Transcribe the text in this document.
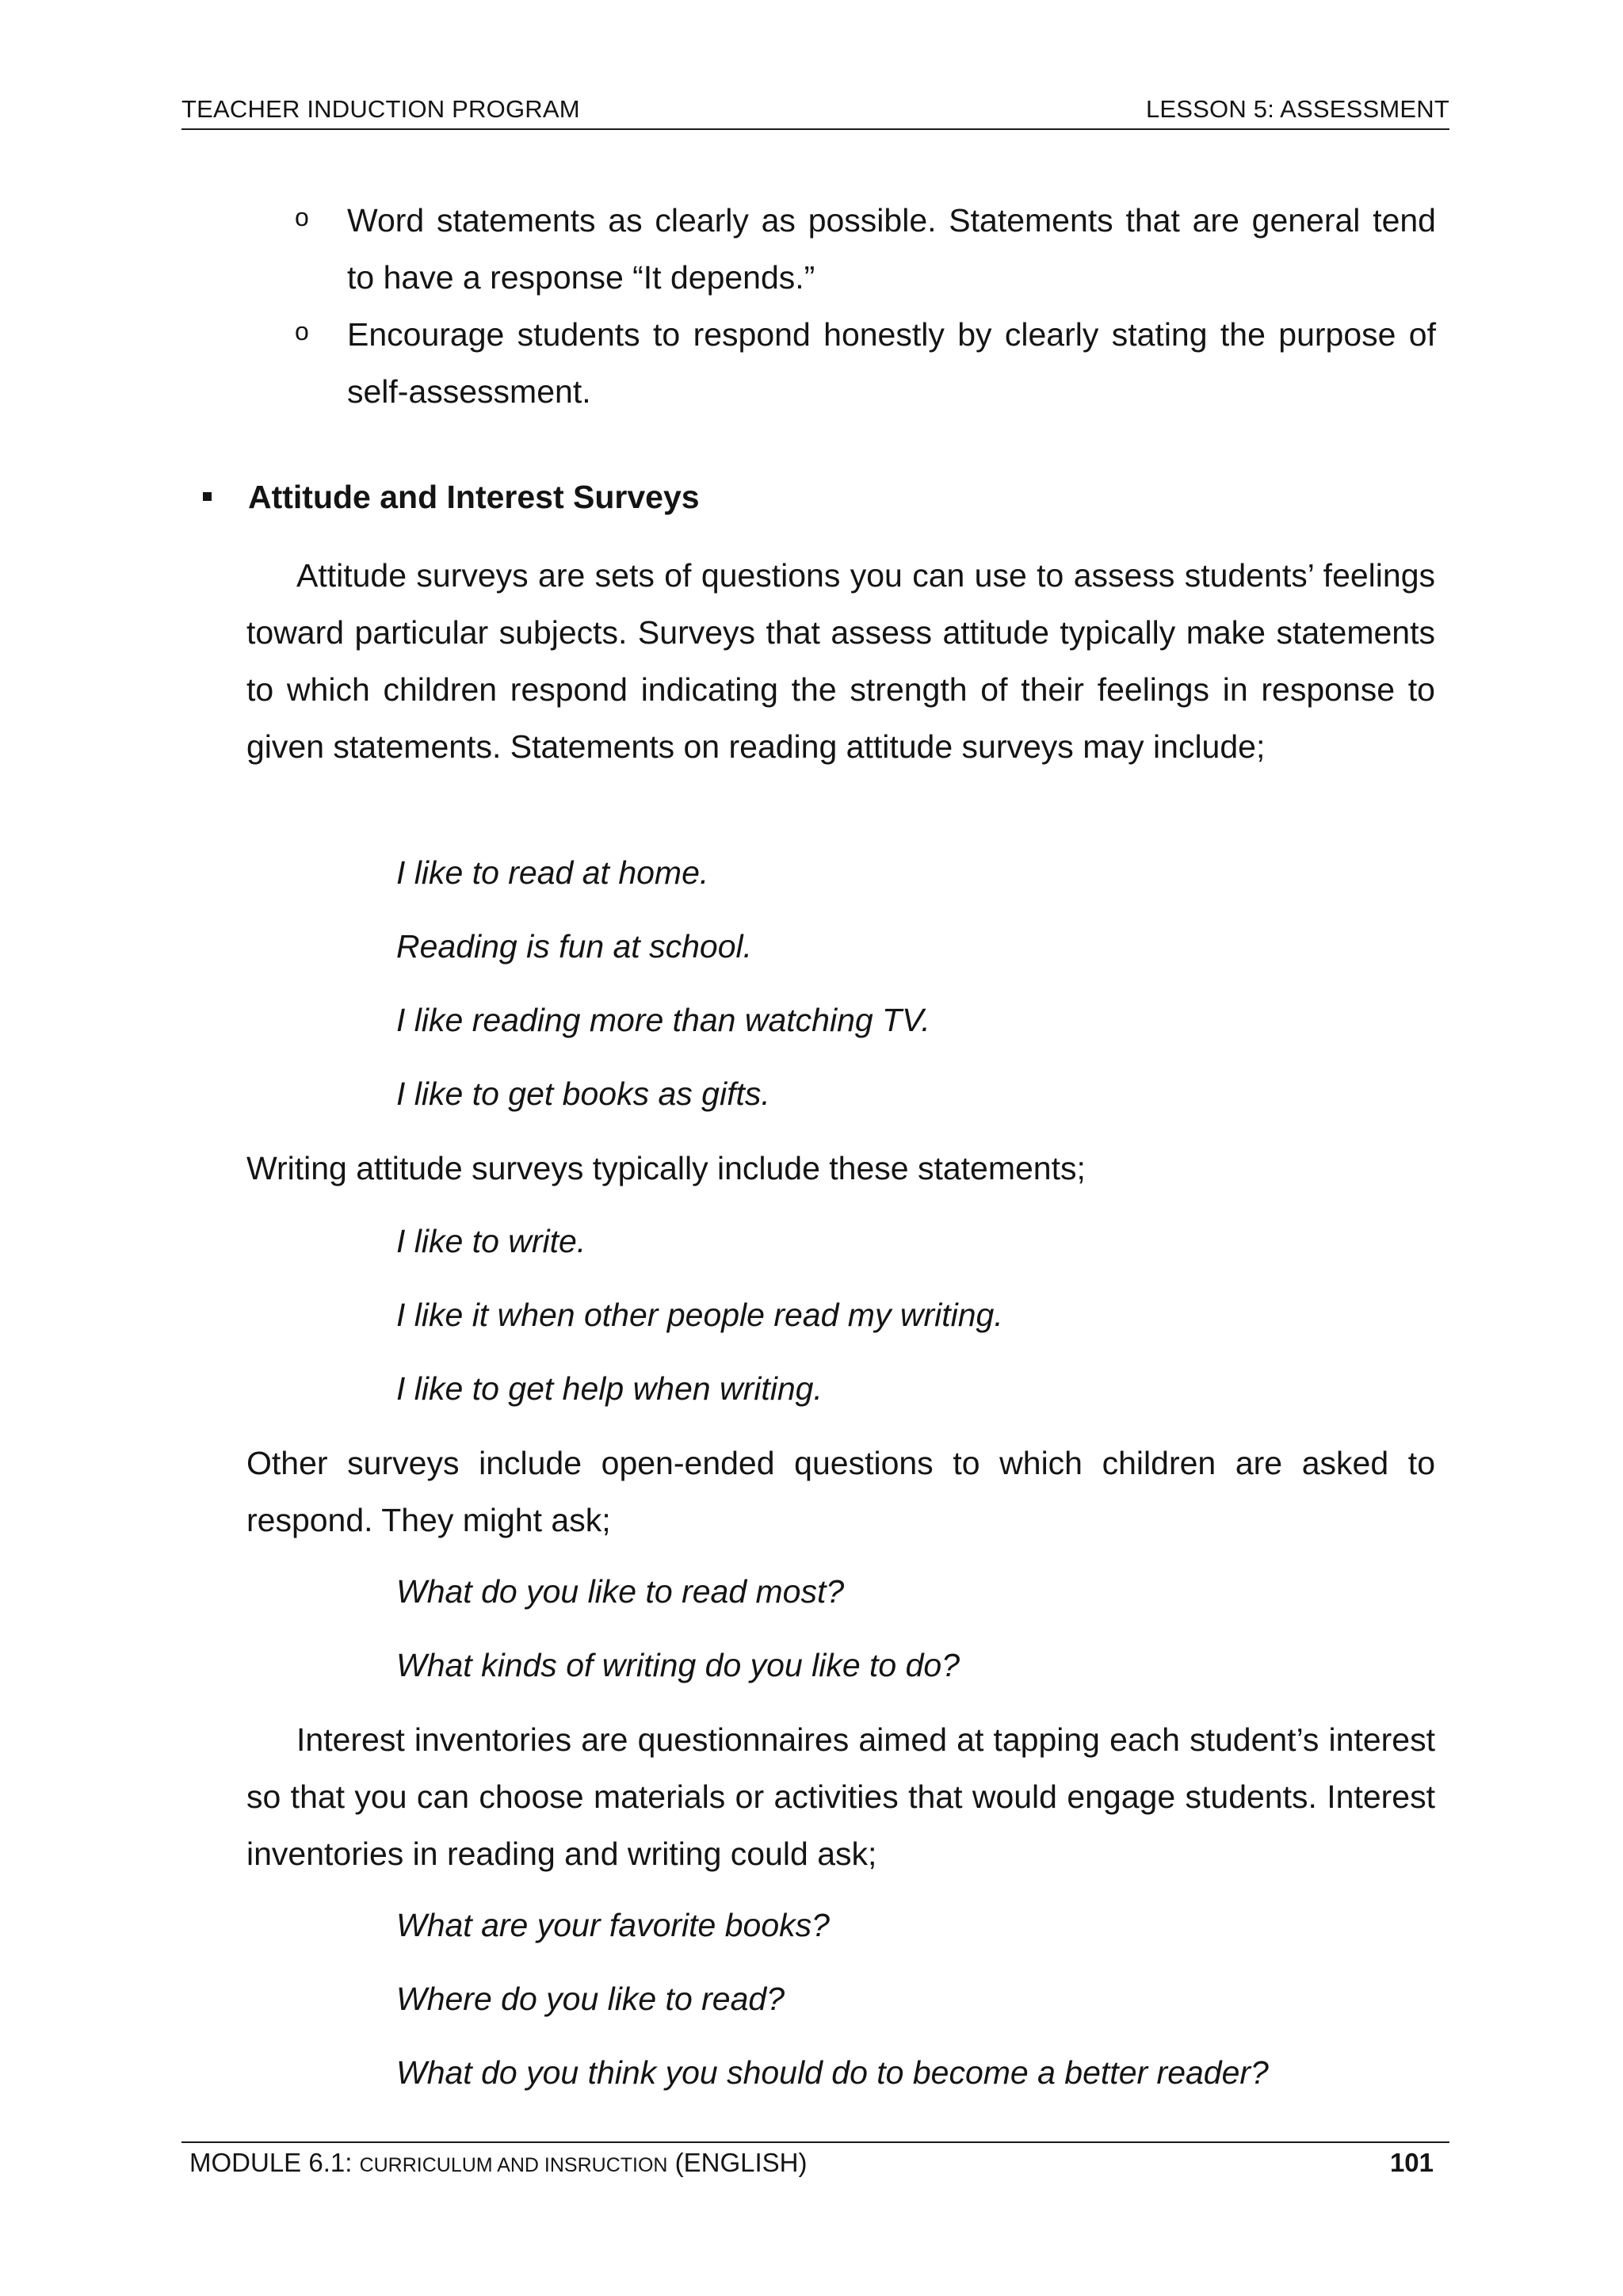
TEACHER INDUCTION PROGRAM	LESSON 5: ASSESSMENT
o Word statements as clearly as possible. Statements that are general tend to have a response “It depends.”
o Encourage students to respond honestly by clearly stating the purpose of self-assessment.
Attitude and Interest Surveys
Attitude surveys are sets of questions you can use to assess students’ feelings toward particular subjects. Surveys that assess attitude typically make statements to which children respond indicating the strength of their feelings in response to given statements. Statements on reading attitude surveys may include;
I like to read at home.
Reading is fun at school.
I like reading more than watching TV.
I like to get books as gifts.
Writing attitude surveys typically include these statements;
I like to write.
I like it when other people read my writing.
I like to get help when writing.
Other surveys include open-ended questions to which children are asked to respond. They might ask;
What do you like to read most?
What kinds of writing do you like to do?
Interest inventories are questionnaires aimed at tapping each student’s interest so that you can choose materials or activities that would engage students. Interest inventories in reading and writing could ask;
What are your favorite books?
Where do you like to read?
What do you think you should do to become a better reader?
MODULE 6.1: CURRICULUM AND INSRUCTION (ENGLISH)	101
